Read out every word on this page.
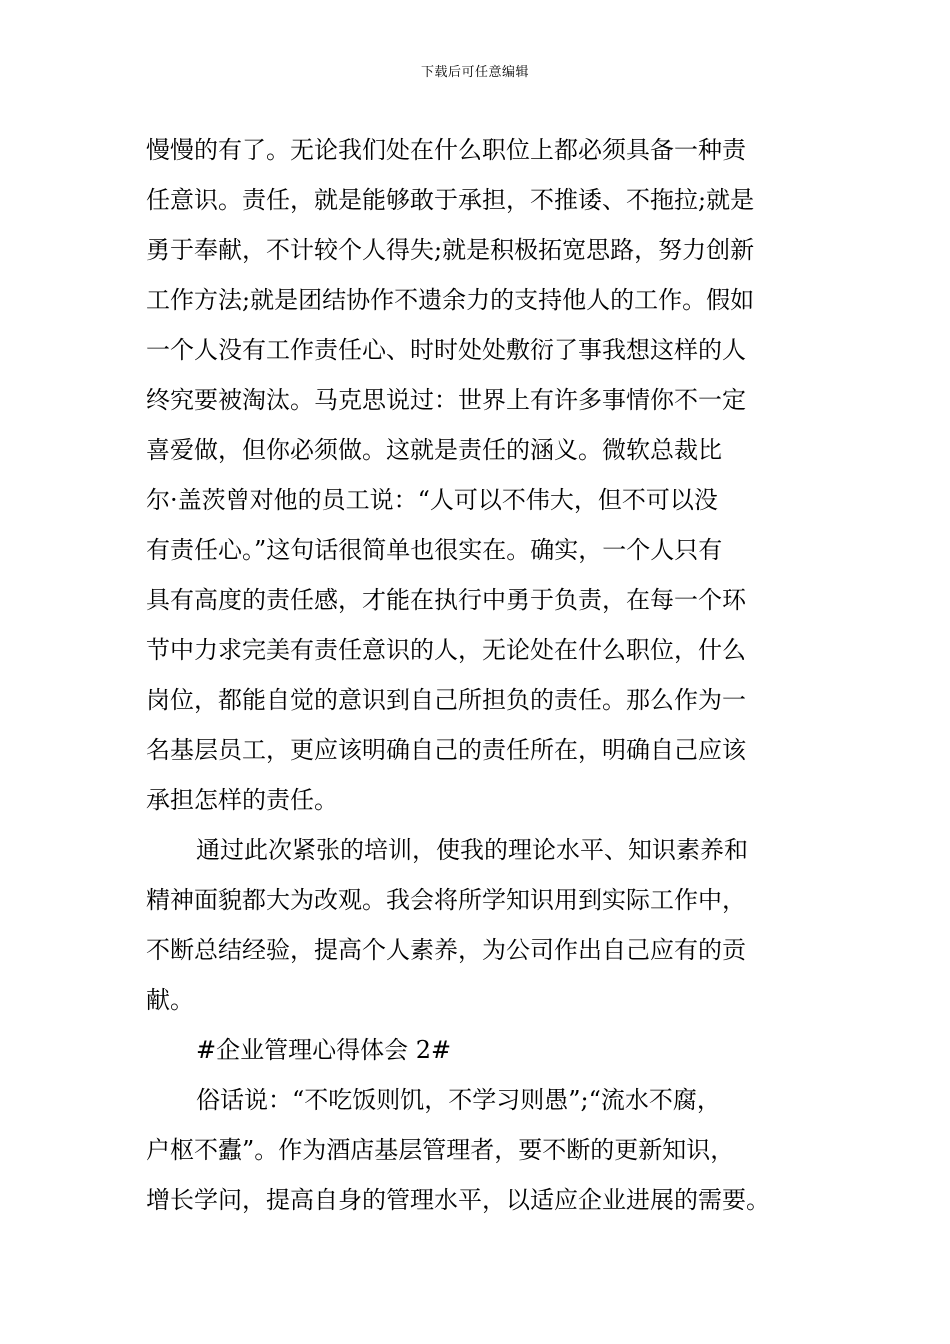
下载后可任意编辑
慢慢的有了。无论我们处在什么职位上都必须具备一种责
任意识。责任，就是能够敢于承担，不推诿、不拖拉;就是
勇于奉献，不计较个人得失;就是积极拓宽思路，努力创新
工作方法;就是团结协作不遗余力的支持他人的工作。假如
一个人没有工作责任心、时时处处敷衍了事我想这样的人
终究要被淘汰。马克思说过：世界上有许多事情你不一定
喜爱做，但你必须做。这就是责任的涵义。微软总裁比
尔·盖茨曾对他的员工说：“人可以不伟大，但不可以没
有责任心。”这句话很简单也很实在。确实，一个人只有
具有高度的责任感，才能在执行中勇于负责，在每一个环
节中力求完美有责任意识的人，无论处在什么职位，什么
岗位，都能自觉的意识到自己所担负的责任。那么作为一
名基层员工，更应该明确自己的责任所在，明确自己应该
承担怎样的责任。
通过此次紧张的培训，使我的理论水平、知识素养和
精神面貌都大为改观。我会将所学知识用到实际工作中，
不断总结经验，提高个人素养，为公司作出自己应有的贡
献。
#企业管理心得体会 2#
俗话说：“不吃饭则饥，不学习则愚”;“流水不腐，
户枢不蠹”。作为酒店基层管理者，要不断的更新知识，
增长学问，提高自身的管理水平，以适应企业进展的需要。
